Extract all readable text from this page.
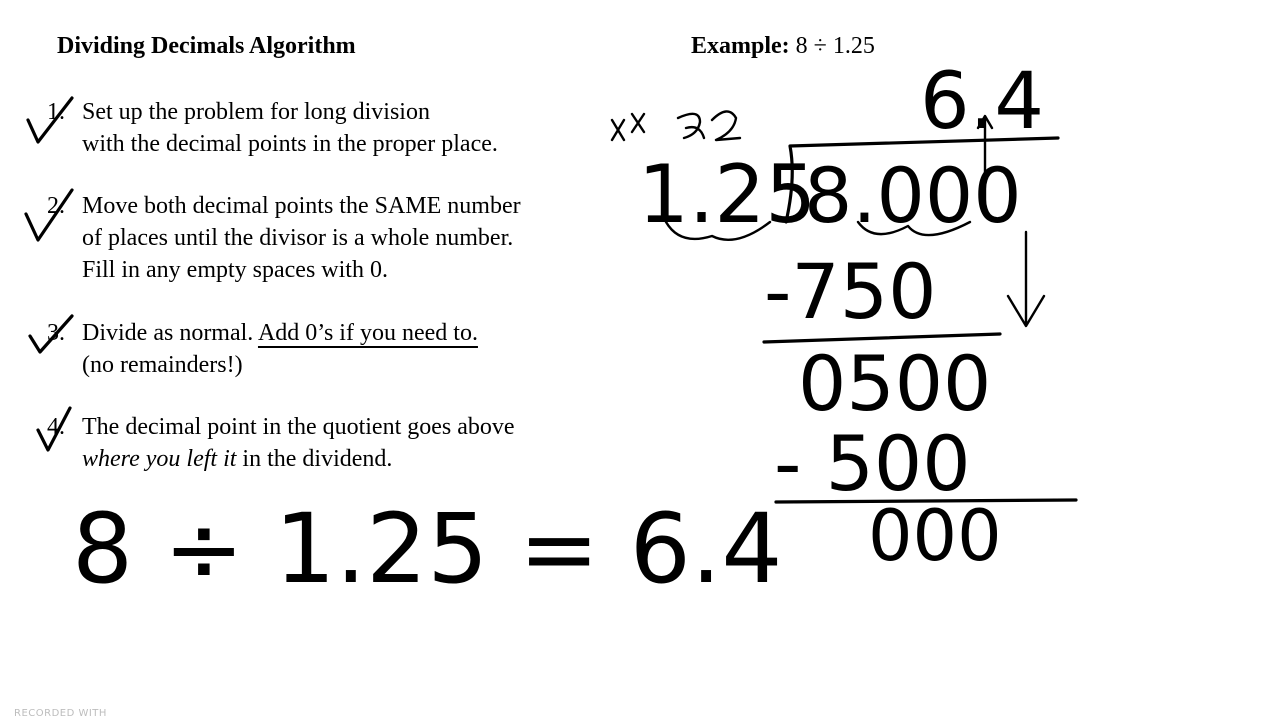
Dividing Decimals Algorithm	Example: 8 ÷ 1.25
1. Set up the problem for long division
with the decimal points in the proper place.
2. Move both decimal points the SAME number
of places until the divisor is a whole number.
Fill in any empty spaces with 0.
3. Divide as normal. Add 0’s if you need to.
(no remainders!)
4. The decimal point in the quotient goes above
where you left it in the dividend.
8 ÷ 1.25 = 6.4
6.4
1.25
8.000
-750
0500
- 500
000
RECORDED WITH
